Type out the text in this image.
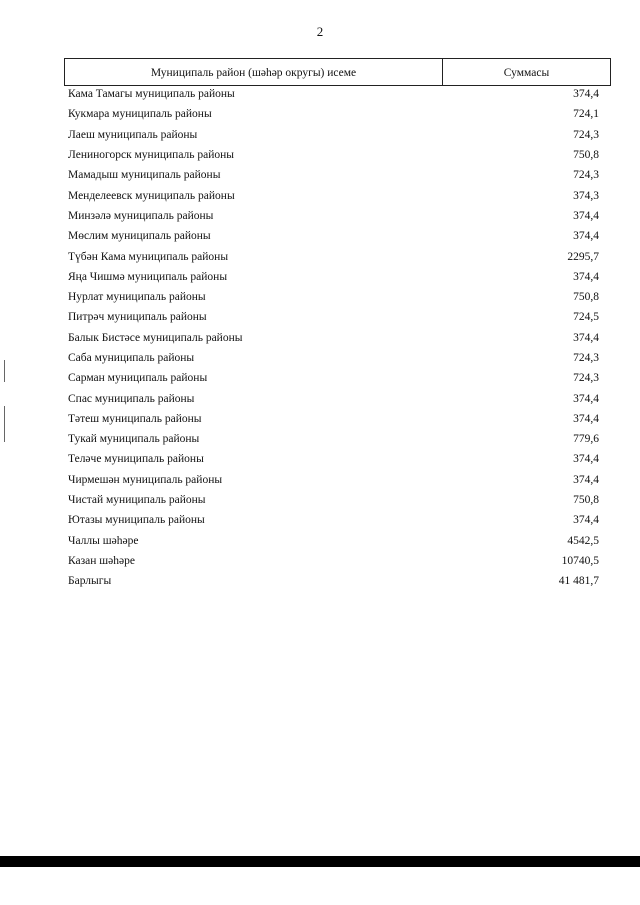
2
Муниципаль район (шәһәр округы) исеме	Суммасы
Кама Тамагы муниципаль районы	374,4
Кукмара муниципаль районы	724,1
Лаеш муниципаль районы	724,3
Лениногорск муниципаль районы	750,8
Мамадыш муниципаль районы	724,3
Менделеевск муниципаль районы	374,3
Минзәлә муниципаль районы	374,4
Мөслим муниципаль районы	374,4
Түбән Кама муниципаль районы	2295,7
Яңа Чишмә муниципаль районы	374,4
Нурлат муниципаль районы	750,8
Питрәч муниципаль районы	724,5
Балык Бистәсе муниципаль районы	374,4
Саба муниципаль районы	724,3
Сарман муниципаль районы	724,3
Спас муниципаль районы	374,4
Тәтеш муниципаль районы	374,4
Тукай муниципаль районы	779,6
Теләче муниципаль районы	374,4
Чирмешән муниципаль районы	374,4
Чистай муниципаль районы	750,8
Ютазы муниципаль районы	374,4
Чаллы шәһәре	4542,5
Казан шәһәре	10740,5
Барлыгы	41 481,7
